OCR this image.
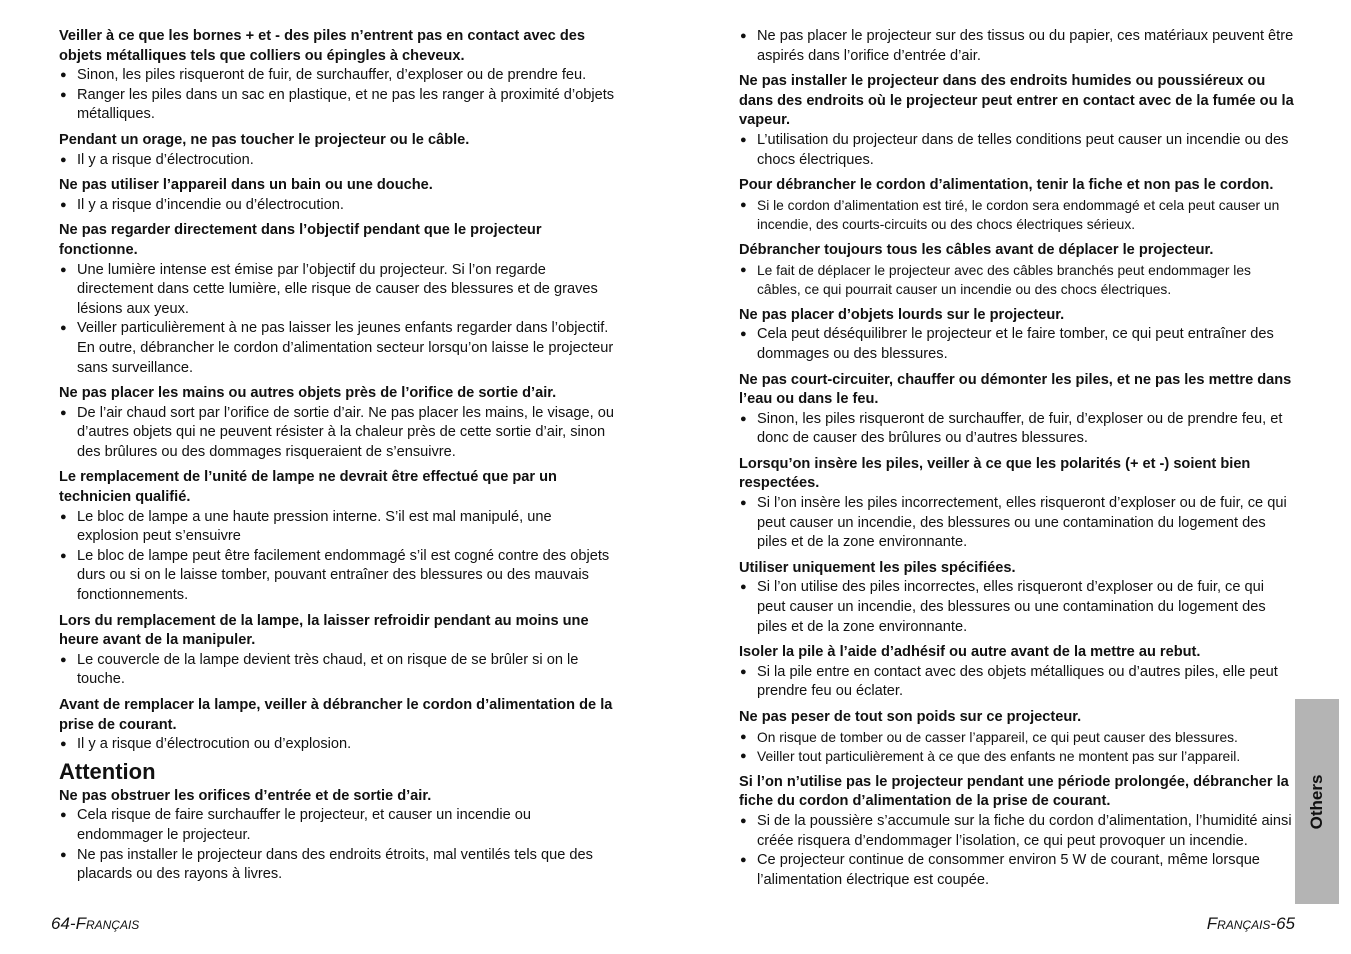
Veiller à ce que les bornes + et - des piles n’entrent pas en contact avec des objets métalliques tels que colliers ou épingles à cheveux.

● Sinon, les piles risqueront de fuir, de surchauffer, d’exploser ou de prendre feu.
● Ranger les piles dans un sac en plastique, et ne pas les ranger à proximité d’objets métalliques.

Pendant un orage, ne pas toucher le projecteur ou le câble.

● Il y a risque d’électrocution.

Ne pas utiliser l’appareil dans un bain ou une douche.

● Il y a risque d’incendie ou d’électrocution.

Ne pas regarder directement dans l’objectif pendant que le projecteur fonctionne.

● Une lumière intense est émise par l’objectif du projecteur. Si l’on regarde directement dans cette lumière, elle risque de causer des blessures et de graves lésions aux yeux.
● Veiller particulièrement à ne pas laisser les jeunes enfants regarder dans l’objectif. En outre, débrancher le cordon d’alimentation secteur lorsqu’on laisse le projecteur sans surveillance.

Ne pas placer les mains ou autres objets près de l’orifice de sortie d’air.

● De l’air chaud sort par l’orifice de sortie d’air. Ne pas placer les mains, le visage, ou d’autres objets qui ne peuvent résister à la chaleur près de cette sortie d’air, sinon des brûlures ou des dommages risqueraient de s’ensuivre.

Le remplacement de l’unité de lampe ne devrait être effectué que par un technicien qualifié.

● Le bloc de lampe a une haute pression interne. S’il est mal manipulé, une explosion peut s’ensuivre
● Le bloc de lampe peut être facilement endommagé s’il est cogné contre des objets durs ou si on le laisse tomber, pouvant entraîner des blessures ou des mauvais fonctionnements.

Lors du remplacement de la lampe, la laisser refroidir pendant au moins une heure avant de la manipuler.

● Le couvercle de la lampe devient très chaud, et on risque de se brûler si on le touche.

Avant de remplacer la lampe, veiller à débrancher le cordon d’alimentation de la prise de courant.

● Il y a risque d’électrocution ou d’explosion.
Attention

Ne pas obstruer les orifices d’entrée et de sortie d’air.

● Cela risque de faire surchauffer le projecteur, et causer un incendie ou endommager le projecteur.
● Ne pas installer le projecteur dans des endroits étroits, mal ventilés tels que des placards ou des rayons à livres.
● Ne pas placer le projecteur sur des tissus ou du papier, ces matériaux peuvent être aspirés dans l’orifice d’entrée d’air.

Ne pas installer le projecteur dans des endroits humides ou poussiéreux ou dans des endroits où le projecteur peut entrer en contact avec de la fumée ou la vapeur.

● L’utilisation du projecteur dans de telles conditions peut causer un incendie ou des chocs électriques.

Pour débrancher le cordon d’alimentation, tenir la fiche et non pas le cordon.

● Si le cordon d’alimentation est tiré, le cordon sera endommagé et cela peut causer un incendie, des courts-circuits ou des chocs électriques sérieux.

Débrancher toujours tous les câbles avant de déplacer le projecteur.

● Le fait de déplacer le projecteur avec des câbles branchés peut endommager les câbles, ce qui pourrait causer un incendie ou des chocs électriques.

Ne pas placer d’objets lourds sur le projecteur.

● Cela peut déséquilibrer le projecteur et le faire tomber, ce qui peut entraîner des dommages ou des blessures.

Ne pas court-circuiter, chauffer ou démonter les piles, et ne pas les mettre dans l’eau ou dans le feu.

● Sinon, les piles risqueront de surchauffer, de fuir, d’exploser ou de prendre feu, et donc de causer des brûlures ou d’autres blessures.

Lorsqu’on insère les piles, veiller à ce que les polarités (+ et -) soient bien respectées.

● Si l’on insère les piles incorrectement, elles risqueront d’exploser ou de fuir, ce qui peut causer un incendie, des blessures ou une contamination du logement des piles et de la zone environnante.

Utiliser uniquement les piles spécifiées.

● Si l’on utilise des piles incorrectes, elles risqueront d’exploser ou de fuir, ce qui peut causer un incendie, des blessures ou une contamination du logement des piles et de la zone environnante.

Isoler la pile à l’aide d’adhésif ou autre avant de la mettre au rebut.

● Si la pile entre en contact avec des objets métalliques ou d’autres piles, elle peut prendre feu ou éclater.

Ne pas peser de tout son poids sur ce projecteur.

● On risque de tomber ou de casser l’appareil, ce qui peut causer des blessures.
● Veiller tout particulièrement à ce que des enfants ne montent pas sur l’appareil.

Si l’on n’utilise pas le projecteur pendant une période prolongée, débrancher la fiche du cordon d’alimentation de la prise de courant.

● Si de la poussière s’accumule sur la fiche du cordon d’alimentation, l’humidité ainsi créée risquera d’endommager l’isolation, ce qui peut provoquer un incendie.
● Ce projecteur continue de consommer environ 5 W de courant, même lorsque l’alimentation électrique est coupée.
64-Français	Français-65
Others
